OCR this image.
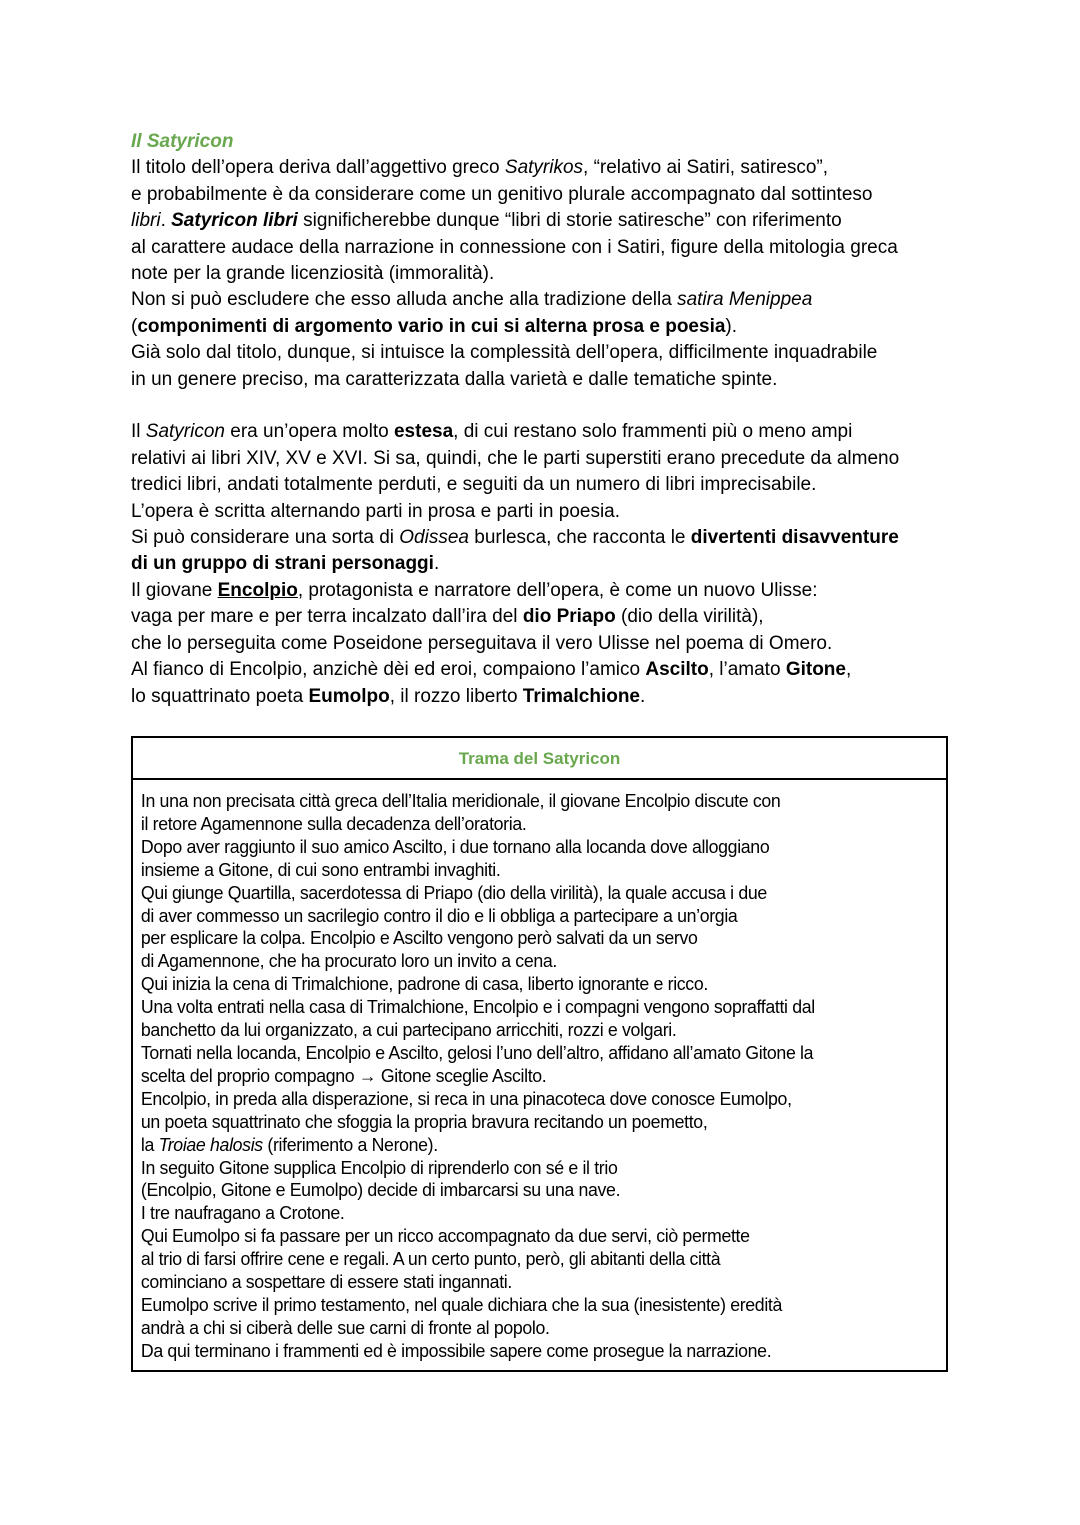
Il Satyricon
Il titolo dell’opera deriva dall’aggettivo greco Satyrikos, “relativo ai Satiri, satiresco”,
e probabilmente è da considerare come un genitivo plurale accompagnato dal sottinteso
libri. Satyricon libri significherebbe dunque “libri di storie satiresche” con riferimento
al carattere audace della narrazione in connessione con i Satiri, figure della mitologia greca
note per la grande licenziosità (immoralità).
Non si può escludere che esso alluda anche alla tradizione della satira Menippea
(componimenti di argomento vario in cui si alterna prosa e poesia).
Già solo dal titolo, dunque, si intuisce la complessità dell’opera, difficilmente inquadrabile
in un genere preciso, ma caratterizzata dalla varietà e dalle tematiche spinte.
Il Satyricon era un’opera molto estesa, di cui restano solo frammenti più o meno ampi
relativi ai libri XIV, XV e XVI. Si sa, quindi, che le parti superstiti erano precedute da almeno
tredici libri, andati totalmente perduti, e seguiti da un numero di libri imprecisabile.
L’opera è scritta alternando parti in prosa e parti in poesia.
Si può considerare una sorta di Odissea burlesca, che racconta le divertenti disavventure
di un gruppo di strani personaggi.
Il giovane Encolpio, protagonista e narratore dell’opera, è come un nuovo Ulisse:
vaga per mare e per terra incalzato dall’ira del dio Priapo (dio della virilità),
che lo perseguita come Poseidone perseguitava il vero Ulisse nel poema di Omero.
Al fianco di Encolpio, anzichè dèi ed eroi, compaiono l’amico Ascilto, l’amato Gitone,
lo squattrinato poeta Eumolpo, il rozzo liberto Trimalchione.
Trama del Satyricon
In una non precisata città greca dell’Italia meridionale, il giovane Encolpio discute con
il retore Agamennone sulla decadenza dell’oratoria.
Dopo aver raggiunto il suo amico Ascilto, i due tornano alla locanda dove alloggiano
insieme a Gitone, di cui sono entrambi invaghiti.
Qui giunge Quartilla, sacerdotessa di Priapo (dio della virilità), la quale accusa i due
di aver commesso un sacrilegio contro il dio e li obbliga a partecipare a un’orgia
per esplicare la colpa. Encolpio e Ascilto vengono però salvati da un servo
di Agamennone, che ha procurato loro un invito a cena.
Qui inizia la cena di Trimalchione, padrone di casa, liberto ignorante e ricco.
Una volta entrati nella casa di Trimalchione, Encolpio e i compagni vengono sopraffatti dal
banchetto da lui organizzato, a cui partecipano arricchiti, rozzi e volgari.
Tornati nella locanda, Encolpio e Ascilto, gelosi l’uno dell’altro, affidano all’amato Gitone la
scelta del proprio compagno → Gitone sceglie Ascilto.
Encolpio, in preda alla disperazione, si reca in una pinacoteca dove conosce Eumolpo,
un poeta squattrinato che sfoggia la propria bravura recitando un poemetto,
la Troiae halosis (riferimento a Nerone).
In seguito Gitone supplica Encolpio di riprenderlo con sé e il trio
(Encolpio, Gitone e Eumolpo) decide di imbarcarsi su una nave.
I tre naufragano a Crotone.
Qui Eumolpo si fa passare per un ricco accompagnato da due servi, ciò permette
al trio di farsi offrire cene e regali. A un certo punto, però, gli abitanti della città
cominciano a sospettare di essere stati ingannati.
Eumolpo scrive il primo testamento, nel quale dichiara che la sua (inesistente) eredità
andrà a chi si ciberà delle sue carni di fronte al popolo.
Da qui terminano i frammenti ed è impossibile sapere come prosegue la narrazione.
